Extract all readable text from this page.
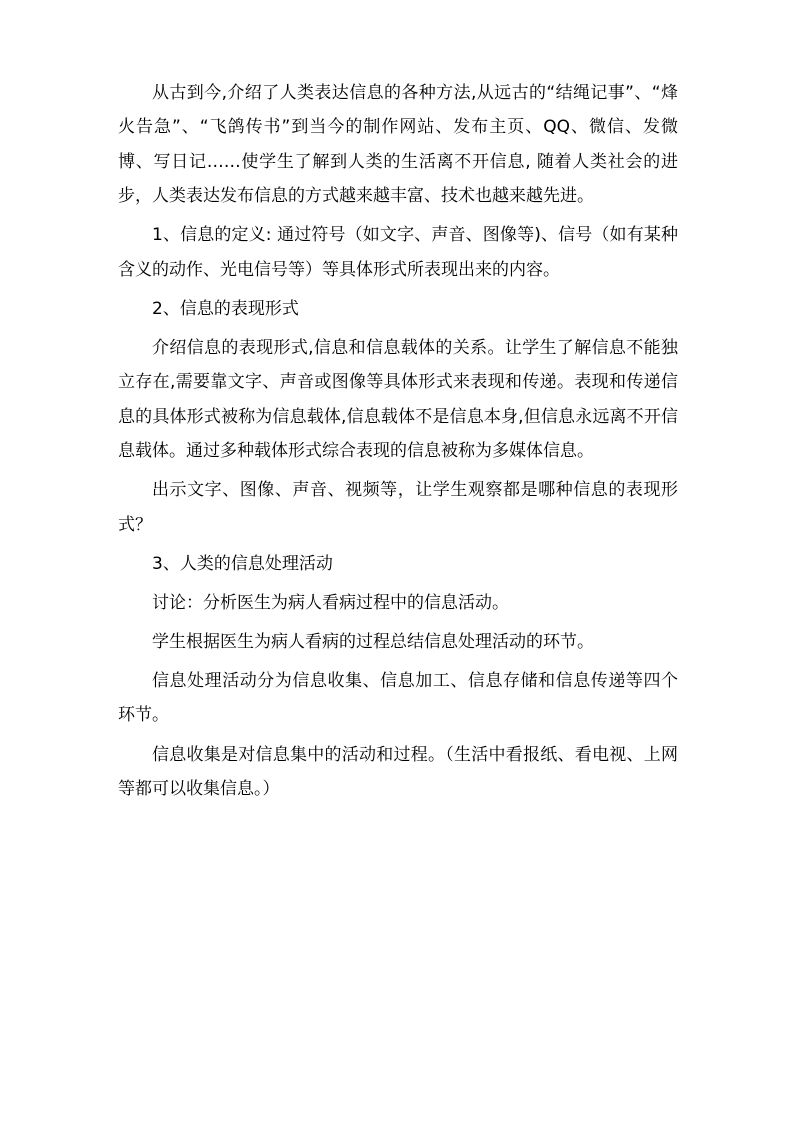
从古到今,介绍了人类表达信息的各种方法,从远古的“结绳记事”、“烽火告急”、“飞鸽传书”到当今的制作网站、发布主页、QQ、微信、发微博、写日记……使学生了解到人类的生活离不开信息, 随着人类社会的进步，人类表达发布信息的方式越来越丰富、技术也越来越先进。

1、信息的定义: 通过符号（如文字、声音、图像等)、信号（如有某种含义的动作、光电信号等）等具体形式所表现出来的内容。

2、信息的表现形式

介绍信息的表现形式,信息和信息载体的关系。让学生了解信息不能独立存在,需要靠文字、声音或图像等具体形式来表现和传递。表现和传递信息的具体形式被称为信息载体,信息载体不是信息本身,但信息永远离不开信息载体。通过多种载体形式综合表现的信息被称为多媒体信息。

出示文字、图像、声音、视频等，让学生观察都是哪种信息的表现形式？

3、人类的信息处理活动

讨论：分析医生为病人看病过程中的信息活动。

学生根据医生为病人看病的过程总结信息处理活动的环节。

信息处理活动分为信息收集、信息加工、信息存储和信息传递等四个环节。

信息收集是对信息集中的活动和过程。（生活中看报纸、看电视、上网等都可以收集信息。）
